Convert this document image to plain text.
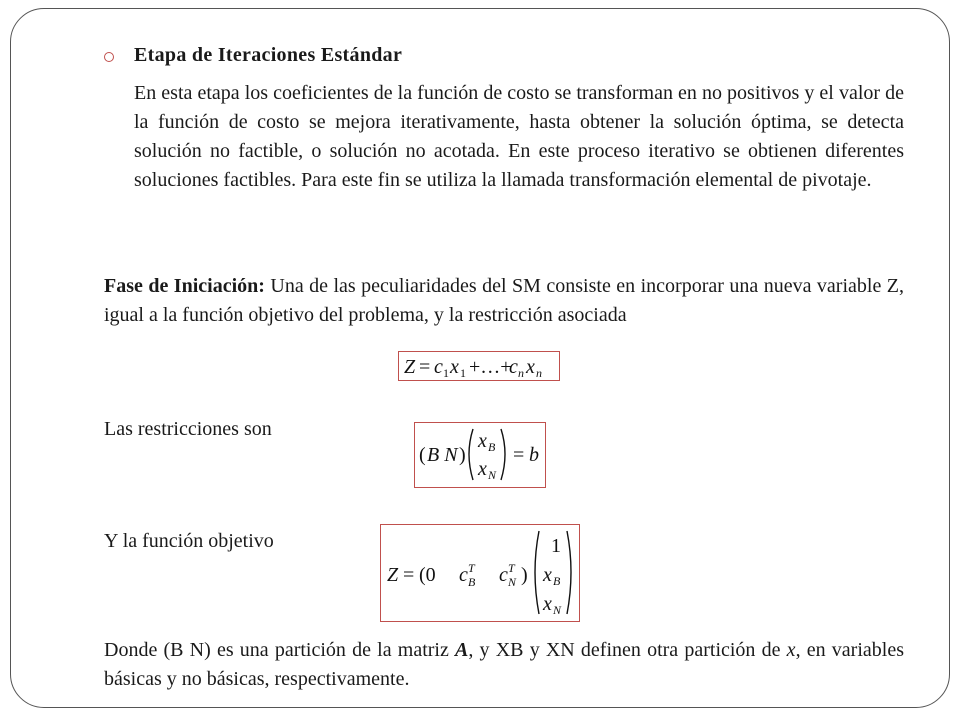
Etapa de Iteraciones Estándar
En esta etapa los coeficientes de la función de costo se transforman en no positivos y el valor de la función de costo se mejora iterativamente, hasta obtener la solución óptima, se detecta solución no factible, o solución no acotada. En este proceso iterativo se obtienen diferentes soluciones factibles. Para este fin se utiliza la llamada transformación elemental de pivotaje.
Fase de Iniciación: Una de las peculiaridades del SM consiste en incorporar una nueva variable Z, igual a la función objetivo del problema, y la restricción asociada
Z = c 1 x 1 +…+
c n x n
Las restricciones son
( B N )
x B
x N
= b
Y la función objetivo
Z = (0 c T
B c T
N )
1
x B
x N
Donde (B N) es una partición de la matriz A, y XB y XN definen otra partición de x, en variables básicas y no básicas, respectivamente.
